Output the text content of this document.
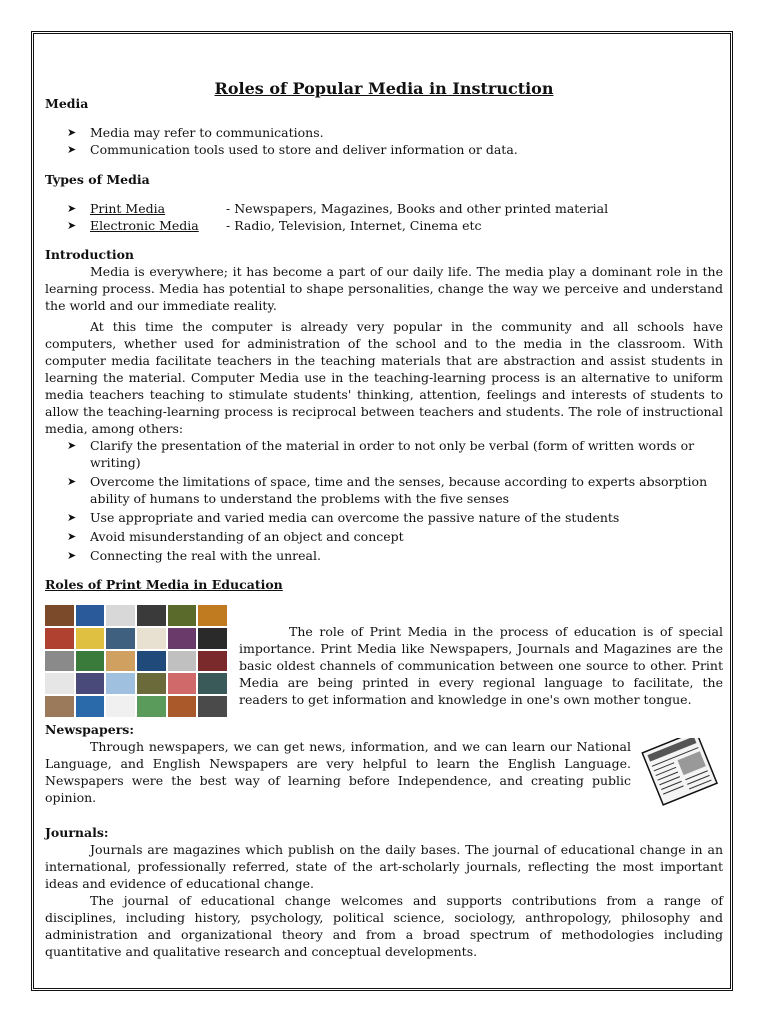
Roles of Popular Media in Instruction
Media
➤ Media may refer to communications.
➤ Communication tools used to store and deliver information or data.
Types of Media
➤ Print Media	- Newspapers, Magazines, Books and other printed material
➤ Electronic Media	- Radio, Television, Internet, Cinema etc
Introduction

Media is everywhere; it has become a part of our daily life. The media play a dominant role in the learning process. Media has potential to shape personalities, change the way we perceive and understand the world and our immediate reality.

At this time the computer is already very popular in the community and all schools have computers, whether used for administration of the school and to the media in the classroom. With computer media facilitate teachers in the teaching materials that are abstraction and assist students in learning the material. Computer Media use in the teaching-learning process is an alternative to uniform media teachers teaching to stimulate students' thinking, attention, feelings and interests of students to allow the teaching-learning process is reciprocal between teachers and students. The role of instructional media, among others:

➤ Clarify the presentation of the material in order to not only be verbal (form of written words or writing)
➤ Overcome the limitations of space, time and the senses, because according to experts absorption ability of humans to understand the problems with the five senses
➤ Use appropriate and varied media can overcome the passive nature of the students
➤ Avoid misunderstanding of an object and concept
➤ Connecting the real with the unreal.
Roles of Print Media in Education

The role of Print Media in the process of education is of special importance. Print Media like Newspapers, Journals and Magazines are the basic oldest channels of communication between one source to other. Print Media are being printed in every regional language to facilitate, the readers to get information and knowledge in one's own mother tongue.

Newspapers:

Through newspapers, we can get news, information, and we can learn our National Language, and English Newspapers are very helpful to learn the English Language. Newspapers were the best way of learning before Independence, and creating public opinion.

Journals:

Journals are magazines which publish on the daily bases. The journal of educational change in an international, professionally referred, state of the art-scholarly journals, reflecting the most important ideas and evidence of educational change.

The journal of educational change welcomes and supports contributions from a range of disciplines, including history, psychology, political science, sociology, anthropology, philosophy and administration and organizational theory and from a broad spectrum of methodologies including quantitative and qualitative research and conceptual developments.
